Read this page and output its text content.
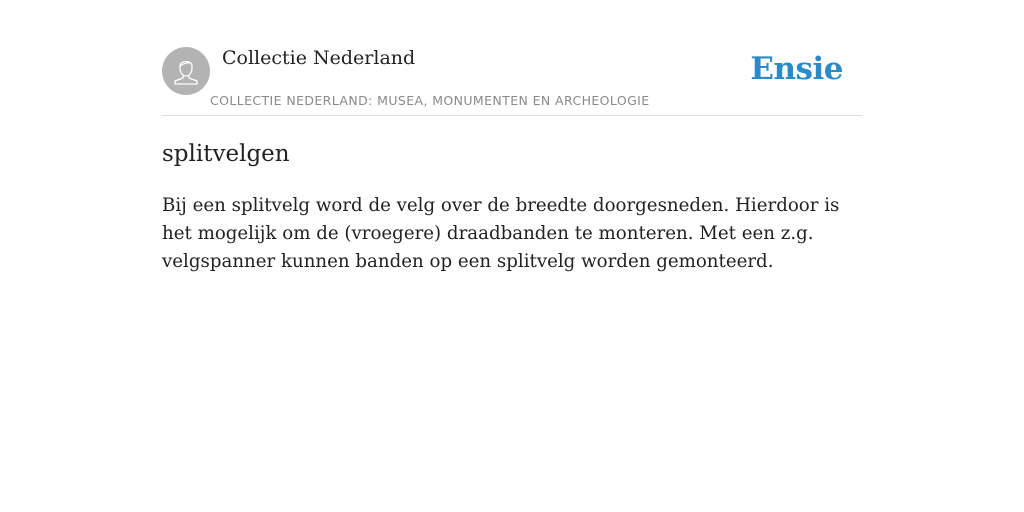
Collectie Nederland
COLLECTIE NEDERLAND: MUSEA, MONUMENTEN EN ARCHEOLOGIE
Ensie
splitvelgen

Bij een splitvelg word de velg over de breedte doorgesneden. Hierdoor is het mogelijk om de (vroegere) draadbanden te monteren. Met een z.g. velgspanner kunnen banden op een splitvelg worden gemonteerd.
